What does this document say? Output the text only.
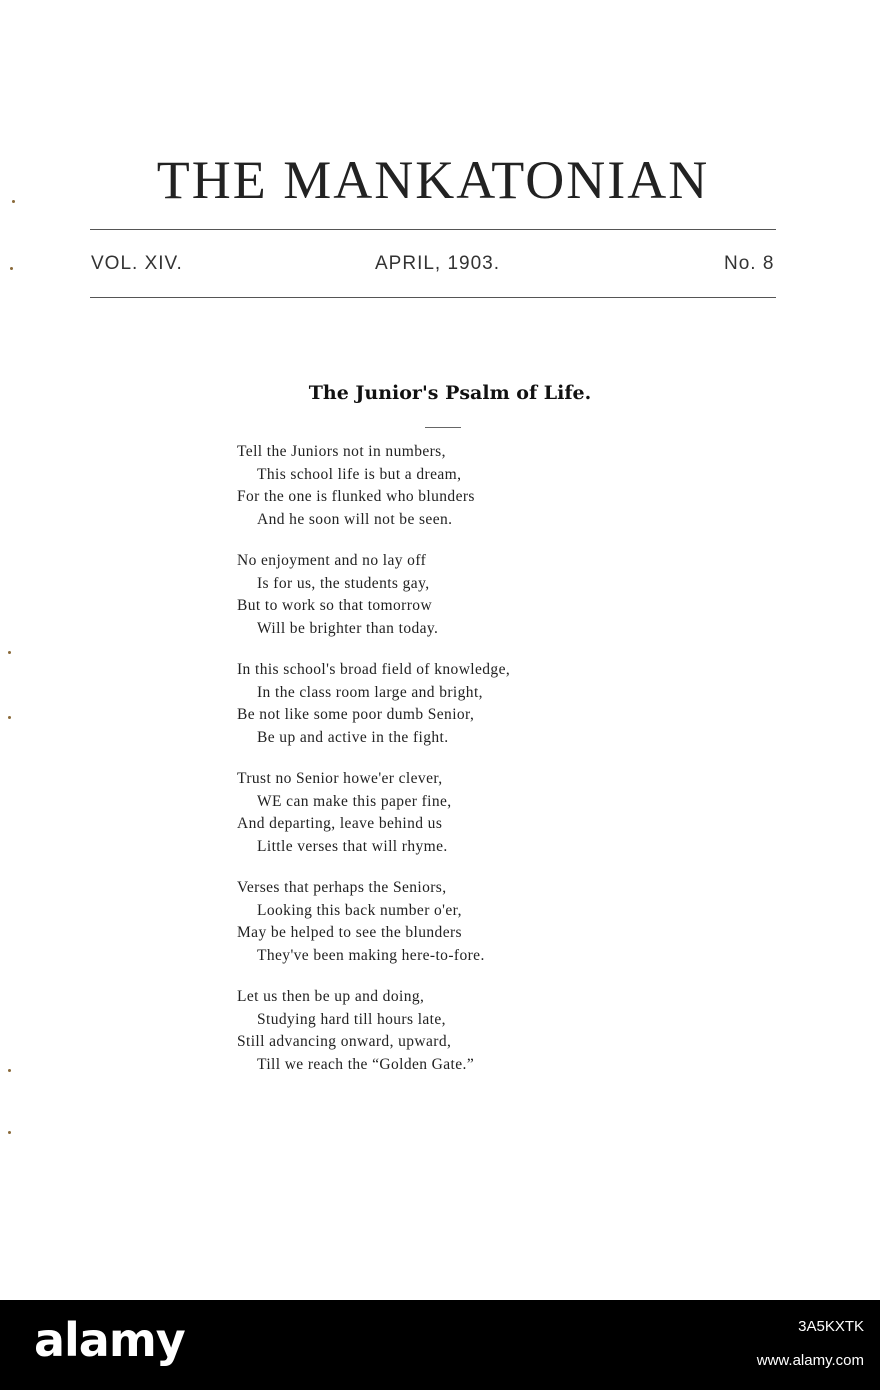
THE MANKATONIAN
VOL. XIV.	APRIL, 1903.	No. 8
The Junior's Psalm of Life.
Tell the Juniors not in numbers,
This school life is but a dream,
For the one is flunked who blunders
And he soon will not be seen.
No enjoyment and no lay off
Is for us, the students gay,
But to work so that tomorrow
Will be brighter than today.
In this school's broad field of knowledge,
In the class room large and bright,
Be not like some poor dumb Senior,
Be up and active in the fight.
Trust no Senior howe'er clever,
WE can make this paper fine,
And departing, leave behind us
Little verses that will rhyme.
Verses that perhaps the Seniors,
Looking this back number o'er,
May be helped to see the blunders
They've been making here-to-fore.
Let us then be up and doing,
Studying hard till hours late,
Still advancing onward, upward,
Till we reach the “Golden Gate.”
alamy	3A5KXTK
www.alamy.com
